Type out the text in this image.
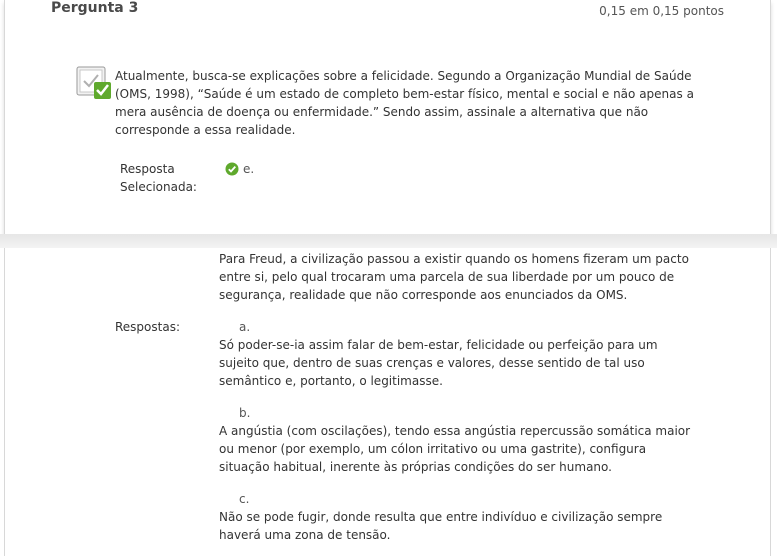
Pergunta 3	0,15 em 0,15 pontos

Atualmente, busca-se explicações sobre a felicidade. Segundo a Organização Mundial de Saúde (OMS, 1998), “Saúde é um estado de completo bem-estar físico, mental e social e não apenas a mera ausência de doença ou enfermidade.” Sendo assim, assinale a alternativa que não corresponde a essa realidade.

Resposta Selecionada:
e.

Para Freud, a civilização passou a existir quando os homens fizeram um pacto entre si, pelo qual trocaram uma parcela de sua liberdade por um pouco de segurança, realidade que não corresponde aos enunciados da OMS.

Respostas:	a.

Só poder-se-ia assim falar de bem-estar, felicidade ou perfeição para um sujeito que, dentro de suas crenças e valores, desse sentido de tal uso semântico e, portanto, o legitimasse.

b.

A angústia (com oscilações), tendo essa angústia repercussão somática maior ou menor (por exemplo, um cólon irritativo ou uma gastrite), configura situação habitual, inerente às próprias condições do ser humano.

c.

Não se pode fugir, donde resulta que entre indivíduo e civilização sempre haverá uma zona de tensão.
